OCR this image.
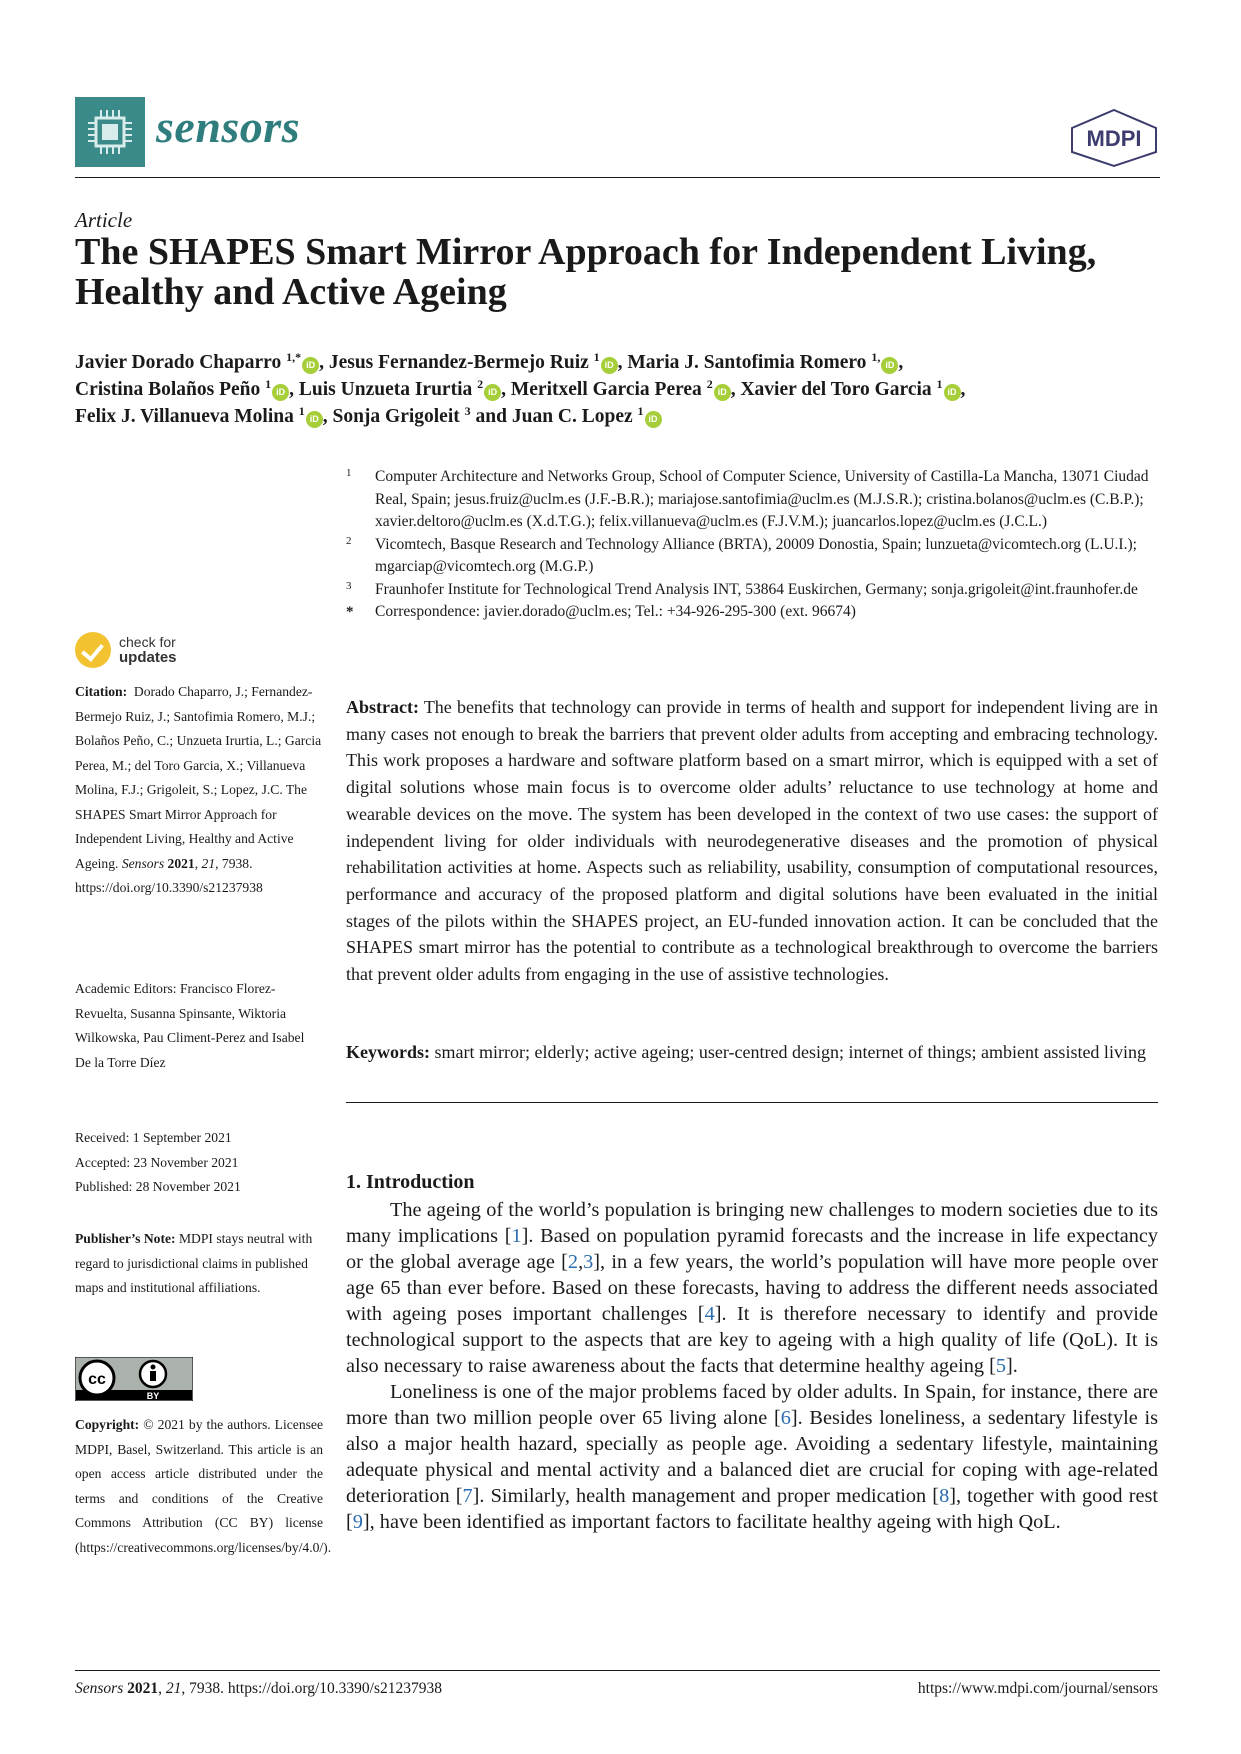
sensors	MDPI
Article
The SHAPES Smart Mirror Approach for Independent Living, Healthy and Active Ageing
Javier Dorado Chaparro $^{1,*}$iD , Jesus Fernandez-Bermejo Ruiz $^1$iD , Maria J. Santofimia Romero $^{1,}$iD ,
Cristina Bolaños Peño $^1$iD , Luis Unzueta Irurtia $^2$iD , Meritxell Garcia Perea $^2$iD , Xavier del Toro Garcia $^1$iD ,
Felix J. Villanueva Molina $^1$iD , Sonja Grigoleit $^3$ and Juan C. Lopez $^1$iD
1 Computer Architecture and Networks Group, School of Computer Science, University of Castilla-La Mancha, 13071 Ciudad Real, Spain; jesus.fruiz@uclm.es (J.F.-B.R.); mariajose.santofimia@uclm.es (M.J.S.R.); cristina.bolanos@uclm.es (C.B.P.); xavier.deltoro@uclm.es (X.d.T.G.); felix.villanueva@uclm.es (F.J.V.M.); juancarlos.lopez@uclm.es (J.C.L.)
2 Vicomtech, Basque Research and Technology Alliance (BRTA), 20009 Donostia, Spain; lunzueta@vicomtech.org (L.U.I.); mgarciap@vicomtech.org (M.G.P.)
3 Fraunhofer Institute for Technological Trend Analysis INT, 53864 Euskirchen, Germany; sonja.grigoleit@int.fraunhofer.de
* Correspondence: javier.dorado@uclm.es; Tel.: +34-926-295-300 (ext. 96674)
check for
updates
Citation: Dorado Chaparro, J.; Fernandez-Bermejo Ruiz, J.; Santofimia Romero, M.J.; Bolaños Peño, C.; Unzueta Irurtia, L.; Garcia Perea, M.; del Toro Garcia, X.; Villanueva Molina, F.J.; Grigoleit, S.; Lopez, J.C. The SHAPES Smart Mirror Approach for Independent Living, Healthy and Active Ageing. Sensors 2021, 21, 7938. https://doi.org/10.3390/s21237938
Academic Editors: Francisco Florez-Revuelta, Susanna Spinsante, Wiktoria Wilkowska, Pau Climent-Perez and Isabel De la Torre Díez
Received: 1 September 2021
Accepted: 23 November 2021
Published: 28 November 2021
Publisher’s Note: MDPI stays neutral with regard to jurisdictional claims in published maps and institutional affiliations.
cc
BY
Copyright: © 2021 by the authors. Licensee MDPI, Basel, Switzerland. This article is an open access article distributed under the terms and conditions of the Creative Commons Attribution (CC BY) license (https://creativecommons.org/licenses/by/4.0/).
Abstract: The benefits that technology can provide in terms of health and support for independent living are in many cases not enough to break the barriers that prevent older adults from accepting and embracing technology. This work proposes a hardware and software platform based on a smart mirror, which is equipped with a set of digital solutions whose main focus is to overcome older adults’ reluctance to use technology at home and wearable devices on the move. The system has been developed in the context of two use cases: the support of independent living for older individuals with neurodegenerative diseases and the promotion of physical rehabilitation activities at home. Aspects such as reliability, usability, consumption of computational resources, performance and accuracy of the proposed platform and digital solutions have been evaluated in the initial stages of the pilots within the SHAPES project, an EU-funded innovation action. It can be concluded that the SHAPES smart mirror has the potential to contribute as a technological breakthrough to overcome the barriers that prevent older adults from engaging in the use of assistive technologies.
Keywords: smart mirror; elderly; active ageing; user-centred design; internet of things; ambient assisted living
1. Introduction

The ageing of the world’s population is bringing new challenges to modern societies due to its many implications [1]. Based on population pyramid forecasts and the increase in life expectancy or the global average age [2,3], in a few years, the world’s population will have more people over age 65 than ever before. Based on these forecasts, having to address the different needs associated with ageing poses important challenges [4]. It is therefore necessary to identify and provide technological support to the aspects that are key to ageing with a high quality of life (QoL). It is also necessary to raise awareness about the facts that determine healthy ageing [5].

Loneliness is one of the major problems faced by older adults. In Spain, for instance, there are more than two million people over 65 living alone [6]. Besides loneliness, a sedentary lifestyle is also a major health hazard, specially as people age. Avoiding a sedentary lifestyle, maintaining adequate physical and mental activity and a balanced diet are crucial for coping with age-related deterioration [7]. Similarly, health management and proper medication [8], together with good rest [9], have been identified as important factors to facilitate healthy ageing with high QoL.

Sensors 2021, 21, 7938. https://doi.org/10.3390/s21237938	https://www.mdpi.com/journal/sensors
